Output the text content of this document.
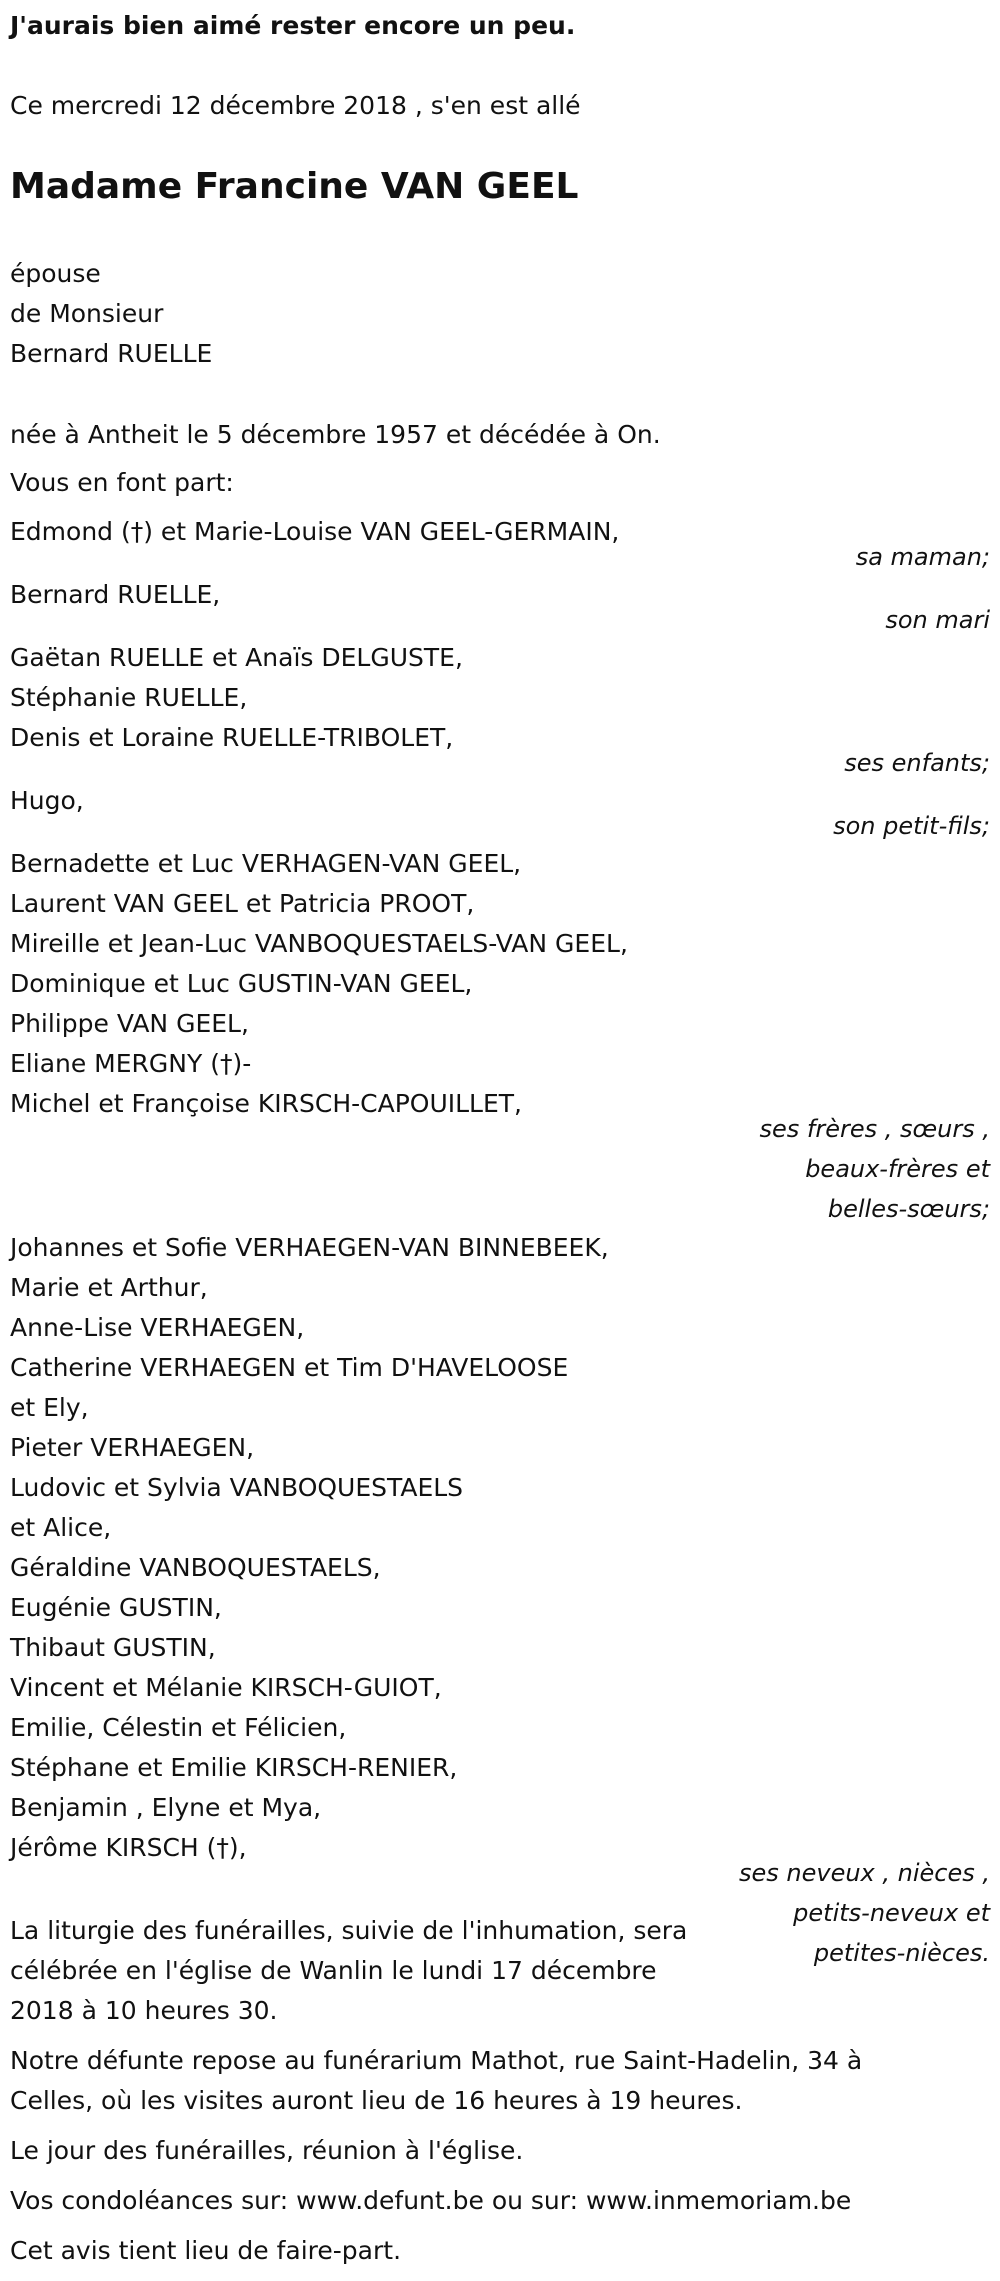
J'aurais bien aimé rester encore un peu.
Ce mercredi 12 décembre 2018 , s'en est allé
Madame Francine VAN GEEL
épouse
de Monsieur
Bernard RUELLE
née à Antheit le 5 décembre 1957 et décédée à On.
Vous en font part:
Edmond (†) et Marie-Louise VAN GEEL-GERMAIN,
sa maman;
Bernard RUELLE,
son mari
Gaëtan RUELLE et Anaïs DELGUSTE,
Stéphanie RUELLE,
Denis et Loraine RUELLE-TRIBOLET,
ses enfants;
Hugo,
son petit-fils;
Bernadette et Luc VERHAGEN-VAN GEEL,
Laurent VAN GEEL et Patricia PROOT,
Mireille et Jean-Luc VANBOQUESTAELS-VAN GEEL,
Dominique et Luc GUSTIN-VAN GEEL,
Philippe VAN GEEL,
Eliane MERGNY (†)-
Michel et Françoise KIRSCH-CAPOUILLET,
ses frères , sœurs ,
beaux-frères et
belles-sœurs;
Johannes et Sofie VERHAEGEN-VAN BINNEBEEK,
Marie et Arthur,
Anne-Lise VERHAEGEN,
Catherine VERHAEGEN et Tim D'HAVELOOSE
et Ely,
Pieter VERHAEGEN,
Ludovic et Sylvia VANBOQUESTAELS
et Alice,
Géraldine VANBOQUESTAELS,
Eugénie GUSTIN,
Thibaut GUSTIN,
Vincent et Mélanie KIRSCH-GUIOT,
Emilie, Célestin et Félicien,
Stéphane et Emilie KIRSCH-RENIER,
Benjamin , Elyne et Mya,
Jérôme KIRSCH (†),
ses neveux , nièces ,
petits-neveux et
petites-nièces.
La liturgie des funérailles, suivie de l'inhumation, sera
célébrée en l'église de Wanlin le lundi 17 décembre
2018 à 10 heures 30.
Notre défunte repose au funérarium Mathot, rue Saint-Hadelin, 34 à
Celles, où les visites auront lieu de 16 heures à 19 heures.
Le jour des funérailles, réunion à l'église.
Vos condoléances sur: www.defunt.be ou sur: www.inmemoriam.be
Cet avis tient lieu de faire-part.
